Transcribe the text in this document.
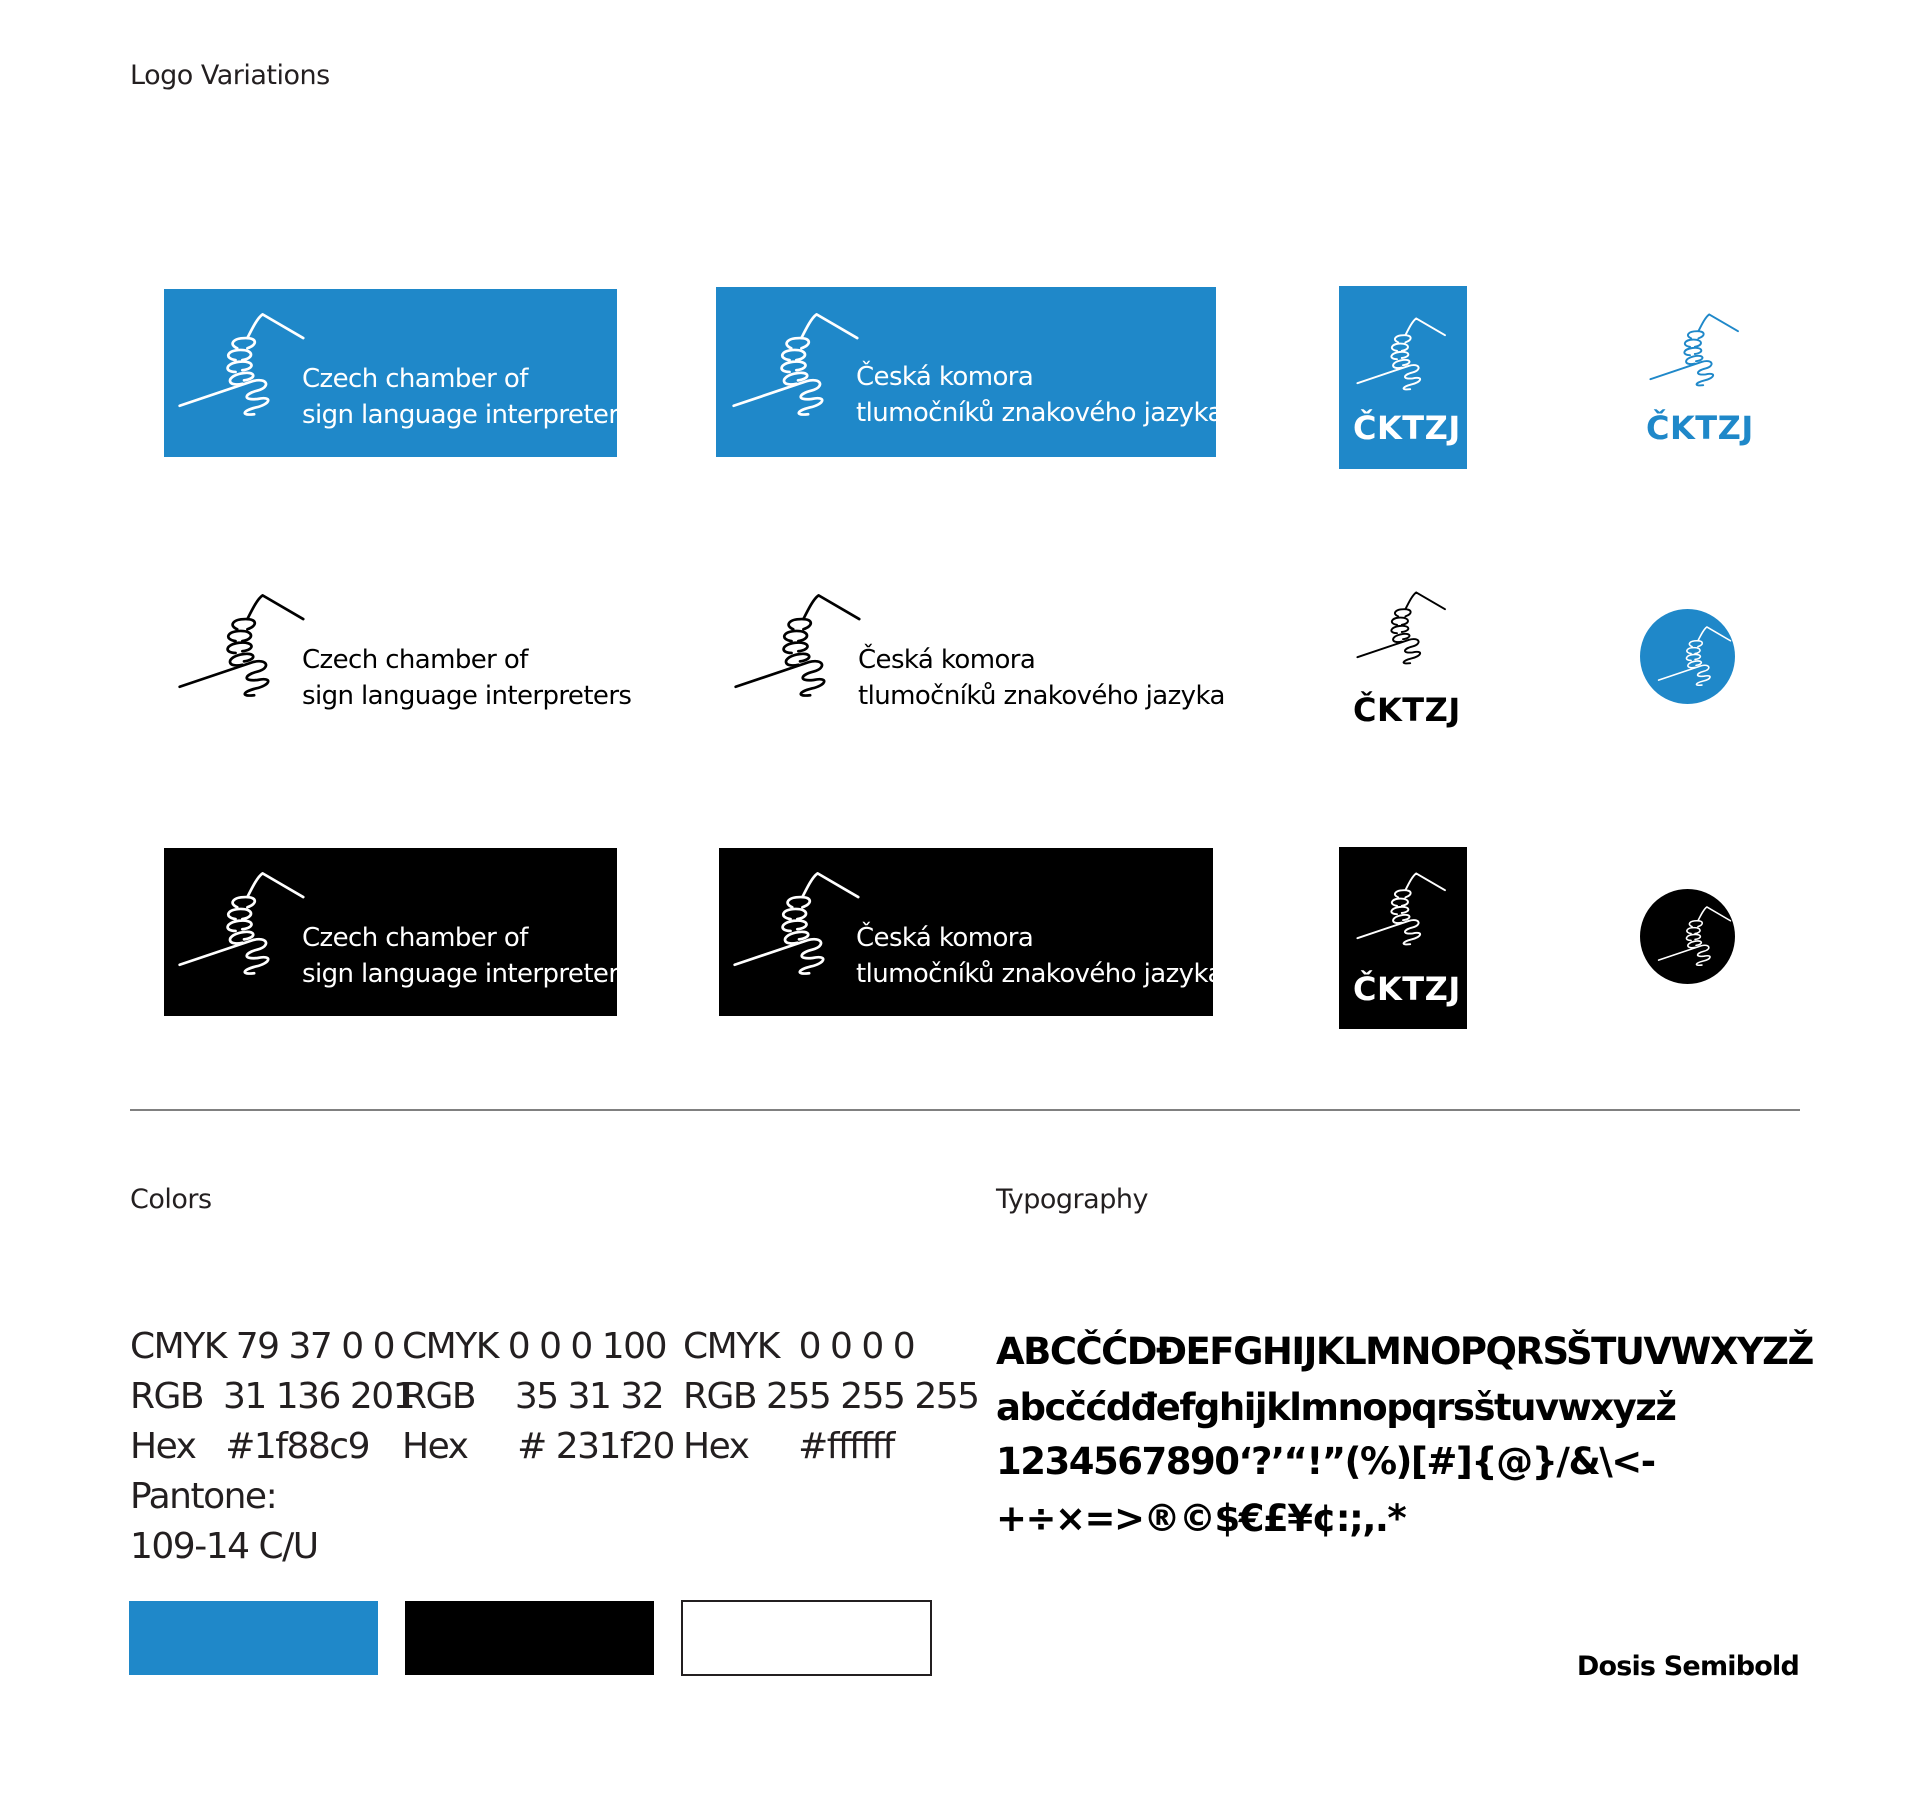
Logo Variations
Czech chamber of
sign language interpreters
Česká komora
tlumočníků znakového jazyka	ČKTZJ	ČKTZJ
Czech chamber of
sign language interpreters
Česká komora
tlumočníků znakového jazyka	ČKTZJ
Czech chamber of
sign language interpreters
Česká komora
tlumočníků znakového jazyka	ČKTZJ
Colors
CMYK 79 37 0 0
RGB  31 136 201
Hex   #1f88c9
Pantone:
109-14 C/U
CMYK 0 0 0 100
RGB    35 31 32
Hex     # 231f20
CMYK  0 0 0 0
RGB 255 255 255
Hex     #ffffff
Typography
ABCČĆDĐEFGHIJKLMNOPQRSŠTUVWXYZŽ
abcčćdđefghijklmnopqrsštuvwxyzž
1234567890‘?’“!”(%)[#]{@}/&\<-
+÷×=>®©$€£¥¢:;,.*
Dosis Semibold
